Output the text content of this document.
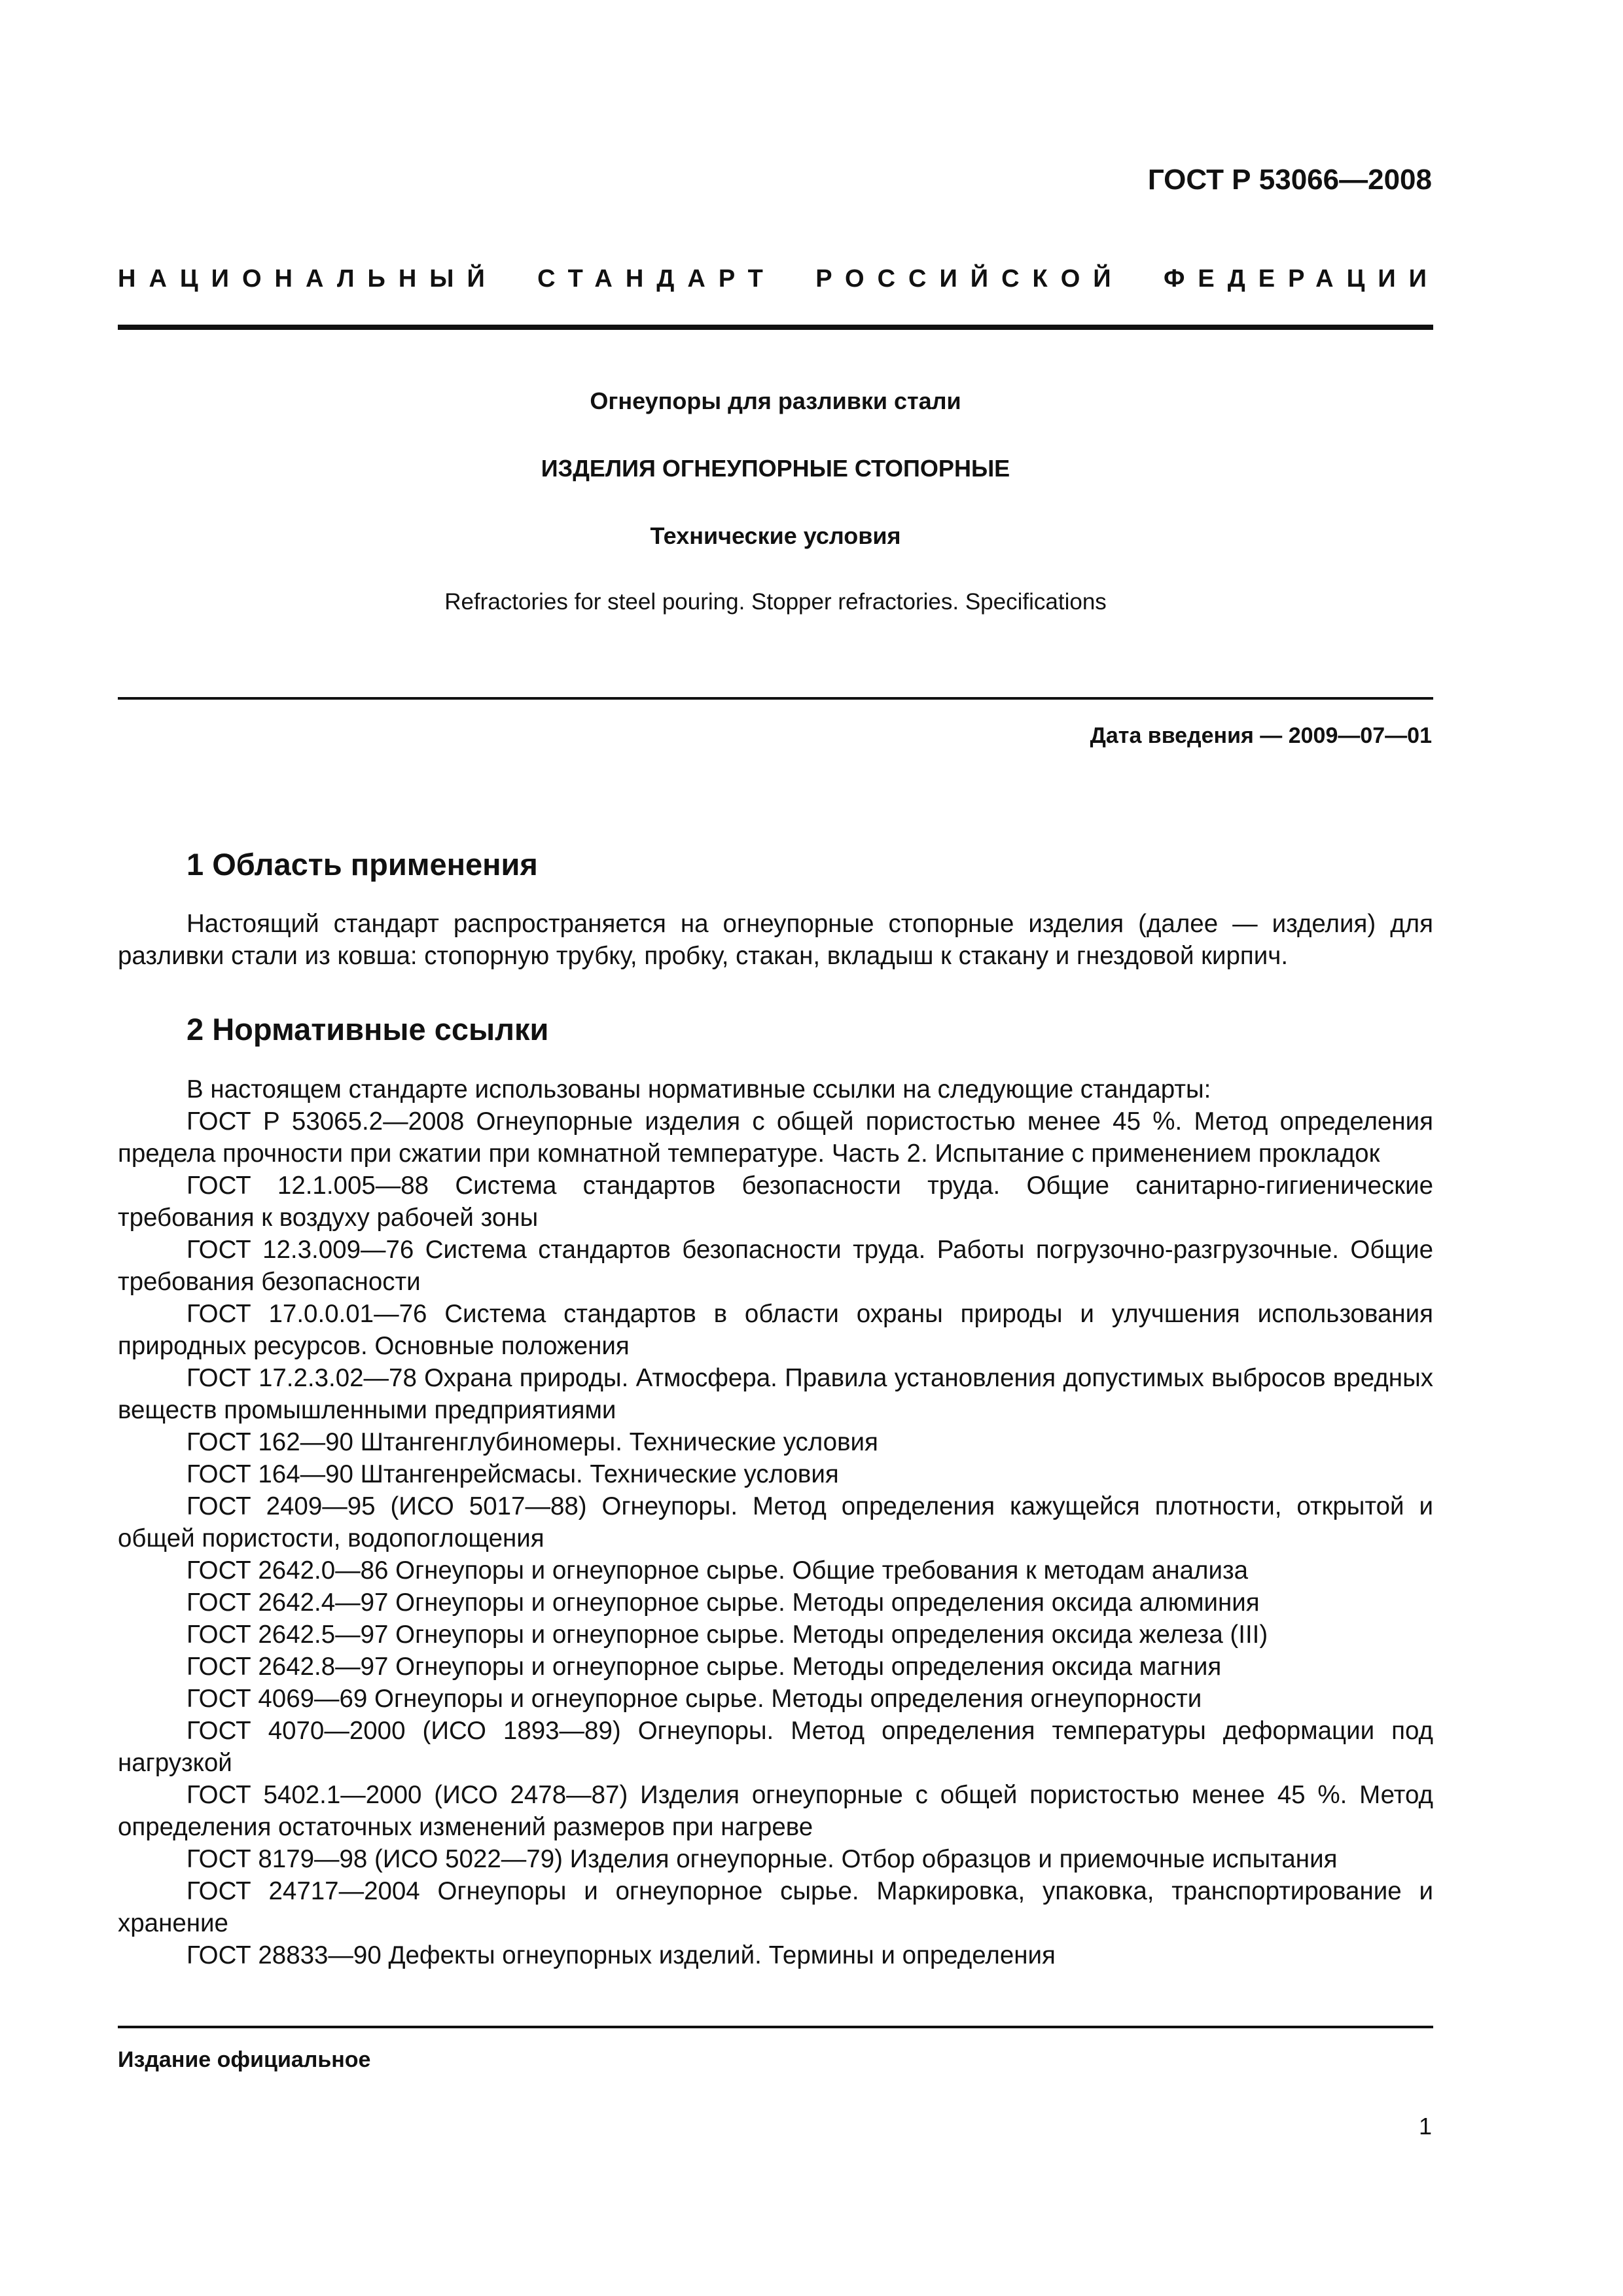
ГОСТ Р 53066—2008
НАЦИОНАЛЬНЫЙ СТАНДАРТ РОССИЙСКОЙ ФЕДЕРАЦИИ
Огнеупоры для разливки стали
ИЗДЕЛИЯ ОГНЕУПОРНЫЕ СТОПОРНЫЕ
Технические условия
Refractories for steel pouring. Stopper refractories. Specifications
Дата введения — 2009—07—01
1 Область применения
Настоящий стандарт распространяется на огнеупорные стопорные изделия (далее — изделия) для разливки стали из ковша: стопорную трубку, пробку, стакан, вкладыш к стакану и гнездовой кирпич.
2 Нормативные ссылки
В настоящем стандарте использованы нормативные ссылки на следующие стандарты:
ГОСТ Р 53065.2—2008 Огнеупорные изделия с общей пористостью менее 45 %. Метод определения предела прочности при сжатии при комнатной температуре. Часть 2. Испытание с применением прокладок
ГОСТ 12.1.005—88 Система стандартов безопасности труда. Общие санитарно-гигиенические требования к воздуху рабочей зоны
ГОСТ 12.3.009—76 Система стандартов безопасности труда. Работы погрузочно-разгрузочные. Общие требования безопасности
ГОСТ 17.0.0.01—76 Система стандартов в области охраны природы и улучшения использования природных ресурсов. Основные положения
ГОСТ 17.2.3.02—78 Охрана природы. Атмосфера. Правила установления допустимых выбросов вредных веществ промышленными предприятиями
ГОСТ 162—90 Штангенглубиномеры. Технические условия
ГОСТ 164—90 Штангенрейсмасы. Технические условия
ГОСТ 2409—95 (ИСО 5017—88) Огнеупоры. Метод определения кажущейся плотности, открытой и общей пористости, водопоглощения
ГОСТ 2642.0—86 Огнеупоры и огнеупорное сырье. Общие требования к методам анализа
ГОСТ 2642.4—97 Огнеупоры и огнеупорное сырье. Методы определения оксида алюминия
ГОСТ 2642.5—97 Огнеупоры и огнеупорное сырье. Методы определения оксида железа (III)
ГОСТ 2642.8—97 Огнеупоры и огнеупорное сырье. Методы определения оксида магния
ГОСТ 4069—69 Огнеупоры и огнеупорное сырье. Методы определения огнеупорности
ГОСТ 4070—2000 (ИСО 1893—89) Огнеупоры. Метод определения температуры деформации под нагрузкой
ГОСТ 5402.1—2000 (ИСО 2478—87) Изделия огнеупорные с общей пористостью менее 45 %. Метод определения остаточных изменений размеров при нагреве
ГОСТ 8179—98 (ИСО 5022—79) Изделия огнеупорные. Отбор образцов и приемочные испытания
ГОСТ 24717—2004 Огнеупоры и огнеупорное сырье. Маркировка, упаковка, транспортирование и хранение
ГОСТ 28833—90 Дефекты огнеупорных изделий. Термины и определения
Издание официальное
1
